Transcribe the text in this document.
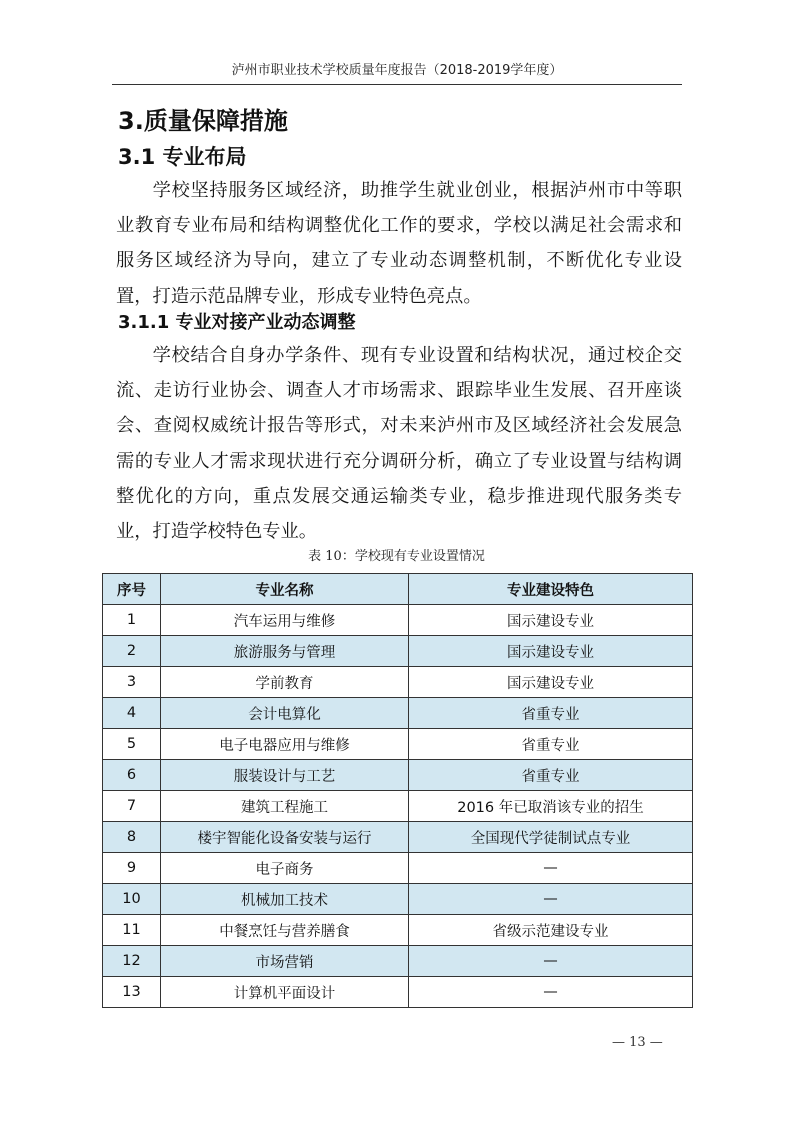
泸州市职业技术学校质量年度报告（2018-2019学年度）
3.质量保障措施
3.1 专业布局

学校坚持服务区域经济，助推学生就业创业，根据泸州市中等职业教育专业布局和结构调整优化工作的要求，学校以满足社会需求和服务区域经济为导向，建立了专业动态调整机制，不断优化专业设置，打造示范品牌专业，形成专业特色亮点。

3.1.1 专业对接产业动态调整

学校结合自身办学条件、现有专业设置和结构状况，通过校企交流、走访行业协会、调查人才市场需求、跟踪毕业生发展、召开座谈会、查阅权威统计报告等形式，对未来泸州市及区域经济社会发展急需的专业人才需求现状进行充分调研分析，确立了专业设置与结构调整优化的方向，重点发展交通运输类专业，稳步推进现代服务类专业，打造学校特色专业。

表 10：学校现有专业设置情况
序号	专业名称	专业建设特色
1	汽车运用与维修	国示建设专业
2	旅游服务与管理	国示建设专业
3	学前教育	国示建设专业
4	会计电算化	省重专业
5	电子电器应用与维修	省重专业
6	服装设计与工艺	省重专业
7	建筑工程施工	2016 年已取消该专业的招生
8	楼宇智能化设备安装与运行	全国现代学徒制试点专业
9	电子商务	—
10	机械加工技术	—
11	中餐烹饪与营养膳食	省级示范建设专业
12	市场营销	—
13	计算机平面设计	—
— 13 —
